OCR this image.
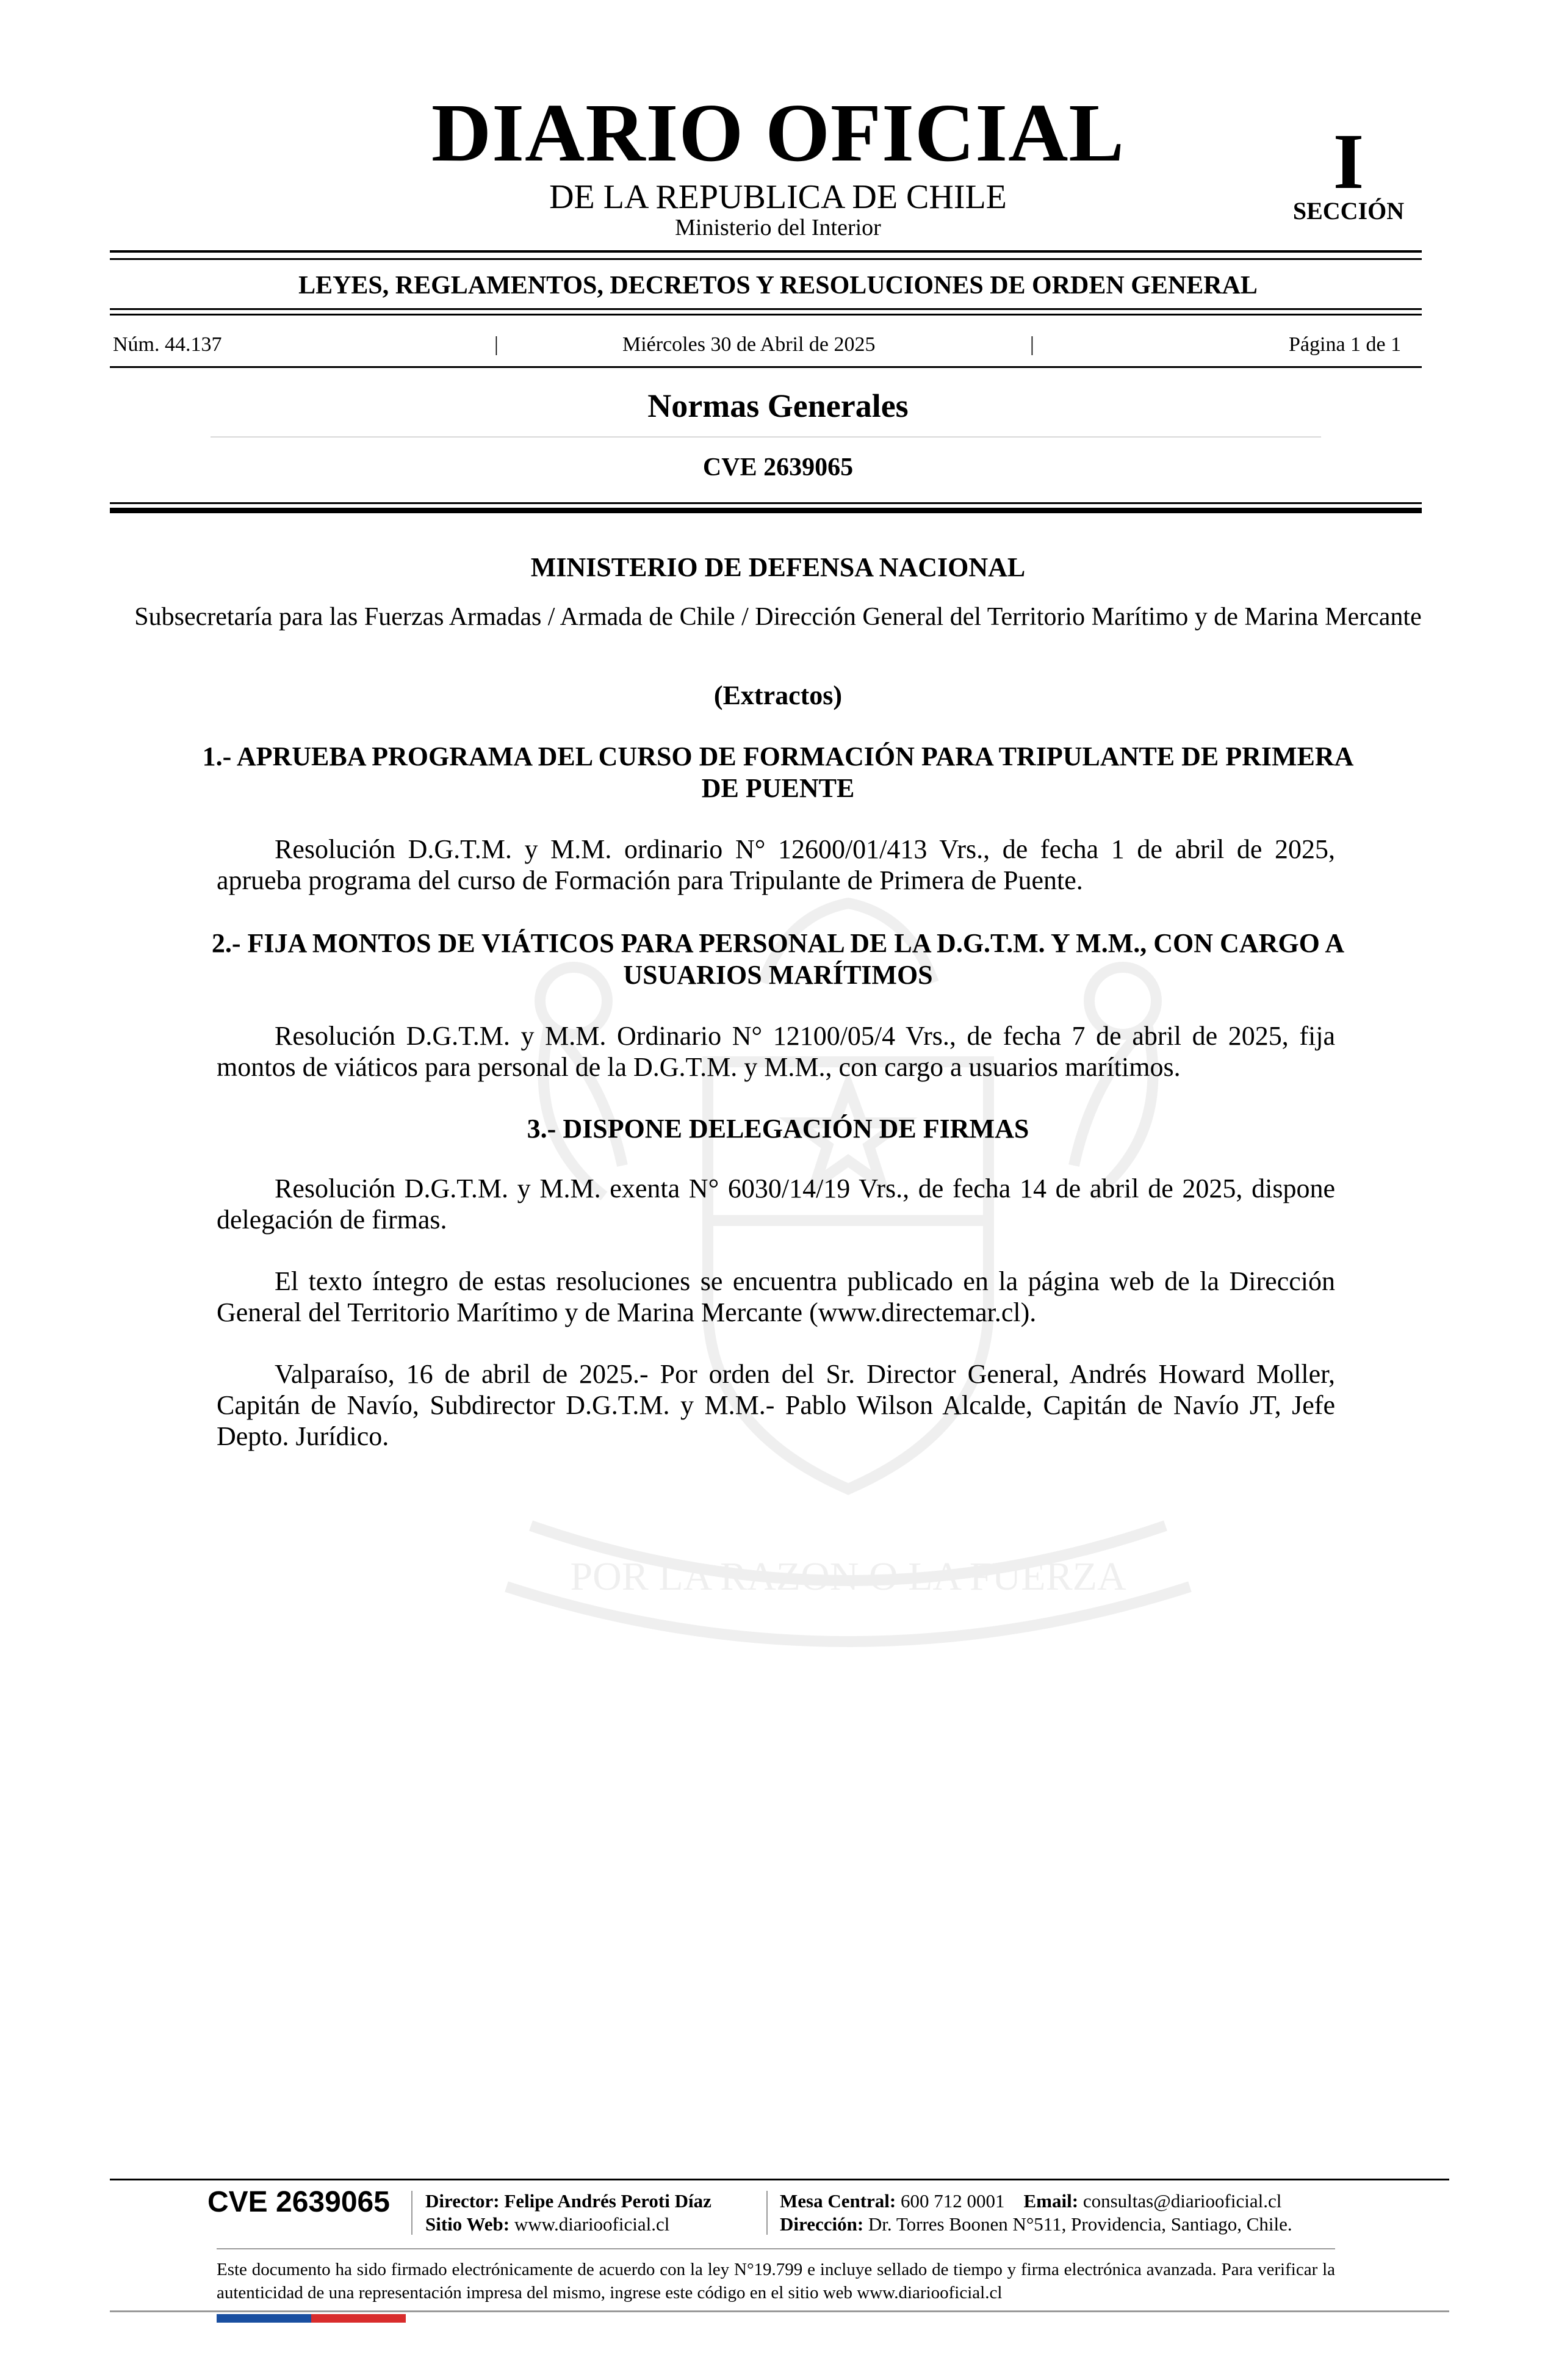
POR LA RAZON O LA FUERZA
DIARIO OFICIAL
DE LA REPUBLICA DE CHILE
Ministerio del Interior
I
SECCIÓN
LEYES, REGLAMENTOS, DECRETOS Y RESOLUCIONES DE ORDEN GENERAL
Núm. 44.137	|	Miércoles 30 de Abril de 2025	|	Página 1 de 1
Normas Generales
CVE 2639065
MINISTERIO DE DEFENSA NACIONAL
Subsecretaría para las Fuerzas Armadas / Armada de Chile / Dirección General del Territorio Marítimo y de Marina Mercante
(Extractos)
1.- APRUEBA PROGRAMA DEL CURSO DE FORMACIÓN PARA TRIPULANTE DE PRIMERA DE PUENTE
Resolución D.G.T.M. y M.M. ordinario N° 12600/01/413 Vrs., de fecha 1 de abril de 2025, aprueba programa del curso de Formación para Tripulante de Primera de Puente.
2.- FIJA MONTOS DE VIÁTICOS PARA PERSONAL DE LA D.G.T.M. Y M.M., CON CARGO A USUARIOS MARÍTIMOS
Resolución D.G.T.M. y M.M. Ordinario N° 12100/05/4 Vrs., de fecha 7 de abril de 2025, fija montos de viáticos para personal de la D.G.T.M. y M.M., con cargo a usuarios marítimos.
3.- DISPONE DELEGACIÓN DE FIRMAS
Resolución D.G.T.M. y M.M. exenta N° 6030/14/19 Vrs., de fecha 14 de abril de 2025, dispone delegación de firmas.
El texto íntegro de estas resoluciones se encuentra publicado en la página web de la Dirección General del Territorio Marítimo y de Marina Mercante (www.directemar.cl).
Valparaíso, 16 de abril de 2025.- Por orden del Sr. Director General, Andrés Howard Moller, Capitán de Navío, Subdirector D.G.T.M. y M.M.- Pablo Wilson Alcalde, Capitán de Navío JT, Jefe Depto. Jurídico.
CVE 2639065 Director: Felipe Andrés Peroti Díaz
Sitio Web: www.diariooficial.cl
Mesa Central: 600 712 0001 Email: consultas@diariooficial.cl
Dirección: Dr. Torres Boonen N°511, Providencia, Santiago, Chile.
Este documento ha sido firmado electrónicamente de acuerdo con la ley N°19.799 e incluye sellado de tiempo y firma electrónica avanzada. Para verificar la autenticidad de una representación impresa del mismo, ingrese este código en el sitio web www.diariooficial.cl
